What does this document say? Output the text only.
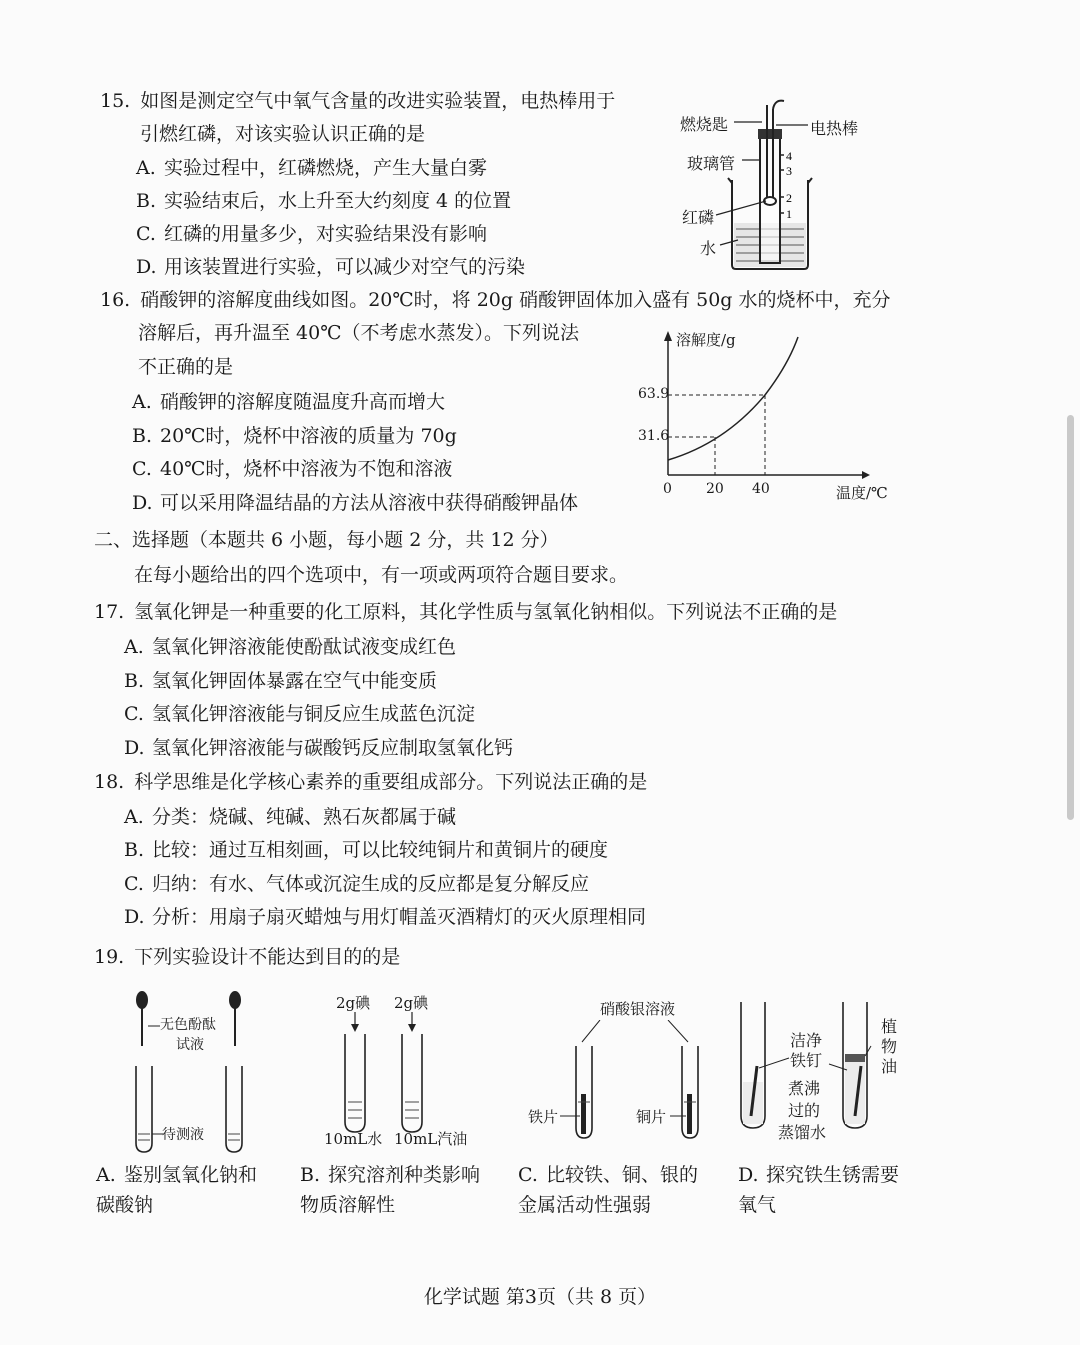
15. 如图是测定空气中氧气含量的改进实验装置，电热棒用于
引燃红磷，对该实验认识正确的是
A. 实验过程中，红磷燃烧，产生大量白雾
B. 实验结束后，水上升至大约刻度 4 的位置
C. 红磷的用量多少，对实验结果没有影响
D. 用该装置进行实验，可以减少对空气的污染
4
3
2
1
燃烧匙	电热棒
玻璃管
红磷
水
16. 硝酸钾的溶解度曲线如图。20℃时，将 20g 硝酸钾固体加入盛有 50g 水的烧杯中，充分
溶解后，再升温至 40℃（不考虑水蒸发）。下列说法
不正确的是
A. 硝酸钾的溶解度随温度升高而增大
B. 20℃时，烧杯中溶液的质量为 70g
C. 40℃时，烧杯中溶液为不饱和溶液
D. 可以采用降温结晶的方法从溶液中获得硝酸钾晶体
溶解度/g
温度/℃
63.9
31.6
0 20 40
二、选择题（本题共 6 小题，每小题 2 分，共 12 分）
在每小题给出的四个选项中，有一项或两项符合题目要求。
17. 氢氧化钾是一种重要的化工原料，其化学性质与氢氧化钠相似。下列说法不正确的是
A. 氢氧化钾溶液能使酚酞试液变成红色
B. 氢氧化钾固体暴露在空气中能变质
C. 氢氧化钾溶液能与铜反应生成蓝色沉淀
D. 氢氧化钾溶液能与碳酸钙反应制取氢氧化钙
18. 科学思维是化学核心素养的重要组成部分。下列说法正确的是
A. 分类：烧碱、纯碱、熟石灰都属于碱
B. 比较：通过互相刻画，可以比较纯铜片和黄铜片的硬度
C. 归纳：有水、气体或沉淀生成的反应都是复分解反应
D. 分析：用扇子扇灭蜡烛与用灯帽盖灭酒精灯的灭火原理相同
19. 下列实验设计不能达到目的的是
无色酚酞
试液
待测液
2g碘 2g碘
10mL水 10mL汽油
硝酸银溶液
铁片	铜片
洁净
铁钉
煮沸
过的
蒸馏水
植
物
油
A. 鉴别氢氧化钠和
碳酸钠
B. 探究溶剂种类影响
物质溶解性
C. 比较铁、铜、银的
金属活动性强弱
D. 探究铁生锈需要
氧气
化学试题 第3页（共 8 页）
